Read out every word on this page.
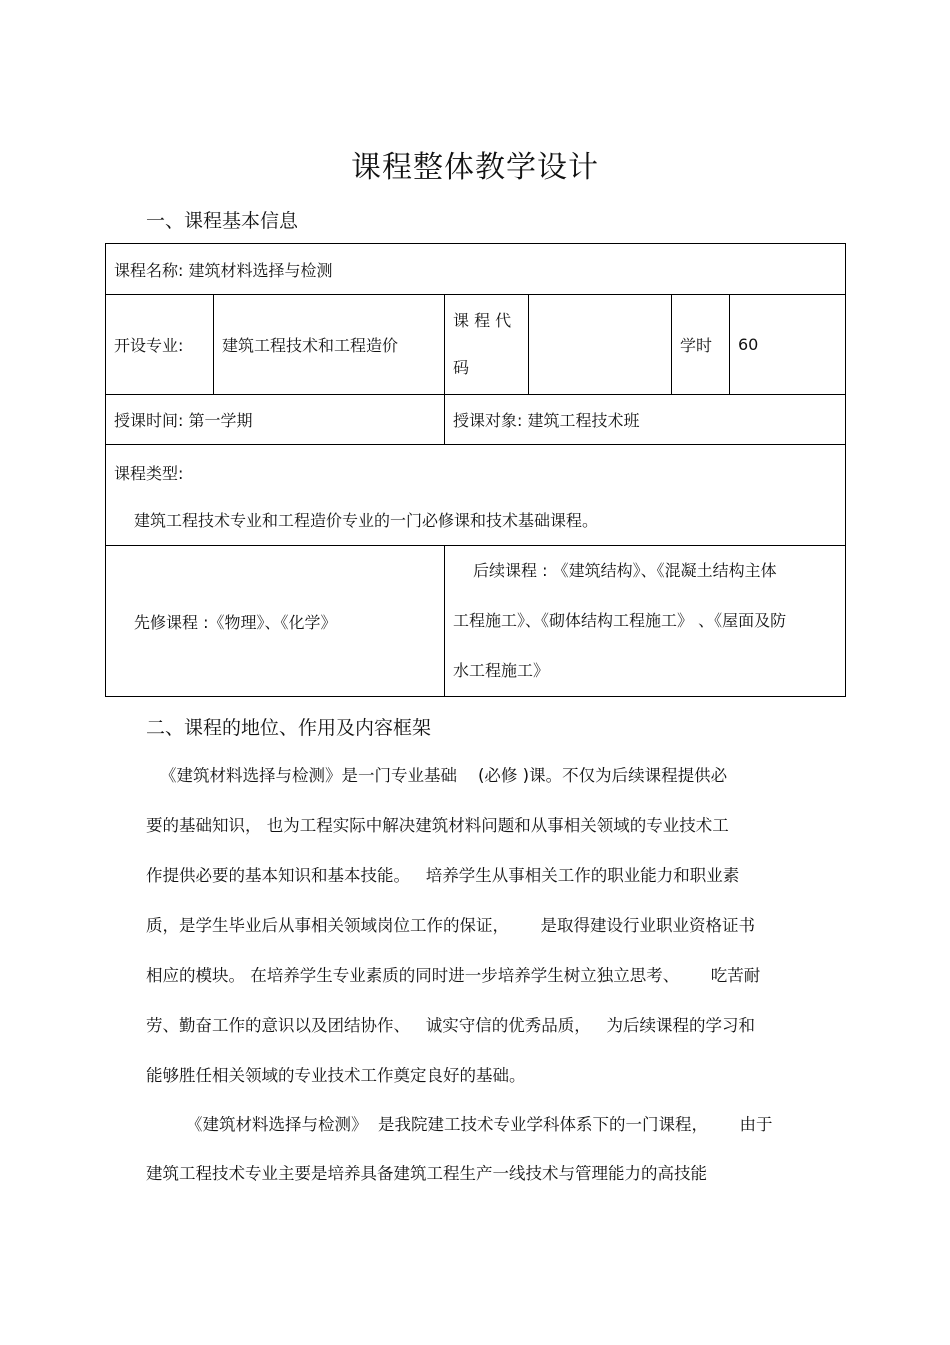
课程整体教学设计
一、课程基本信息
课程名称: 建筑材料选择与检测					
开设专业:	建筑工程技术和工程造价	课 程 代
码		学时	60
授课时间: 第一学期		授课对象: 建筑工程技术班			

课程类型:
建筑工程技术专业和工程造价专业的一门必修课和技术基础课程。					

先修课程 :《物理》、《化学》		后续课程 : 《建筑结构》、《混凝土结构主体
工程施工》、《砌体结构工程施工》 、《屋面及防
水工程施工》			
二、课程的地位、作用及内容框架
《建筑材料选择与检测》是一门专业基础    (必修 )课。不仅为后续课程提供必
要的基础知识， 也为工程实际中解决建筑材料问题和从事相关领域的专业技术工
作提供必要的基本知识和基本技能。   培养学生从事相关工作的职业能力和职业素
质，是学生毕业后从事相关领域岗位工作的保证，      是取得建设行业职业资格证书
相应的模块。 在培养学生专业素质的同时进一步培养学生树立独立思考、      吃苦耐
劳、勤奋工作的意识以及团结协作、   诚实守信的优秀品质，   为后续课程的学习和
能够胜任相关领域的专业技术工作奠定良好的基础。
《建筑材料选择与检测》  是我院建工技术专业学科体系下的一门课程，      由于
建筑工程技术专业主要是培养具备建筑工程生产一线技术与管理能力的高技能
